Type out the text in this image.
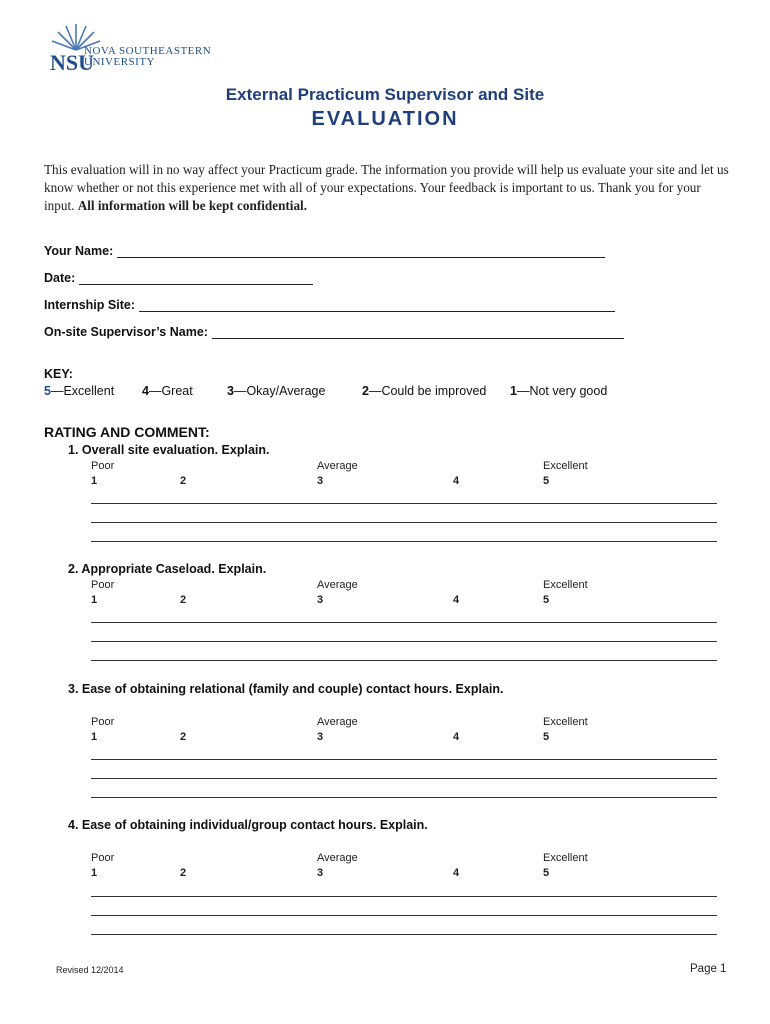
NSU
NOVA SOUTHEASTERN
UNIVERSITY
External Practicum Supervisor and Site
EVALUATION
This evaluation will in no way affect your Practicum grade. The information you provide will help us evaluate your site and let us know whether or not this experience met with all of your expectations. Your feedback is important to us. Thank you for your input. All information will be kept confidential.
Your Name:
Date:
Internship Site:
On-site Supervisor’s Name:
KEY:
5—Excellent 4—Great	3—Okay/Average	2—Could be improved 1—Not very good
RATING AND COMMENT:
1. Overall site evaluation. Explain.
Poor	Average	Excellent
1	2	3	4	5
2. Appropriate Caseload. Explain.
Poor	Average	Excellent
1	2	3	4	5
3. Ease of obtaining relational (family and couple) contact hours. Explain.
Poor	Average	Excellent
1	2	3	4	5
4. Ease of obtaining individual/group contact hours. Explain.
Poor	Average	Excellent
1	2	3	4	5
Revised 12/2014	Page 1
